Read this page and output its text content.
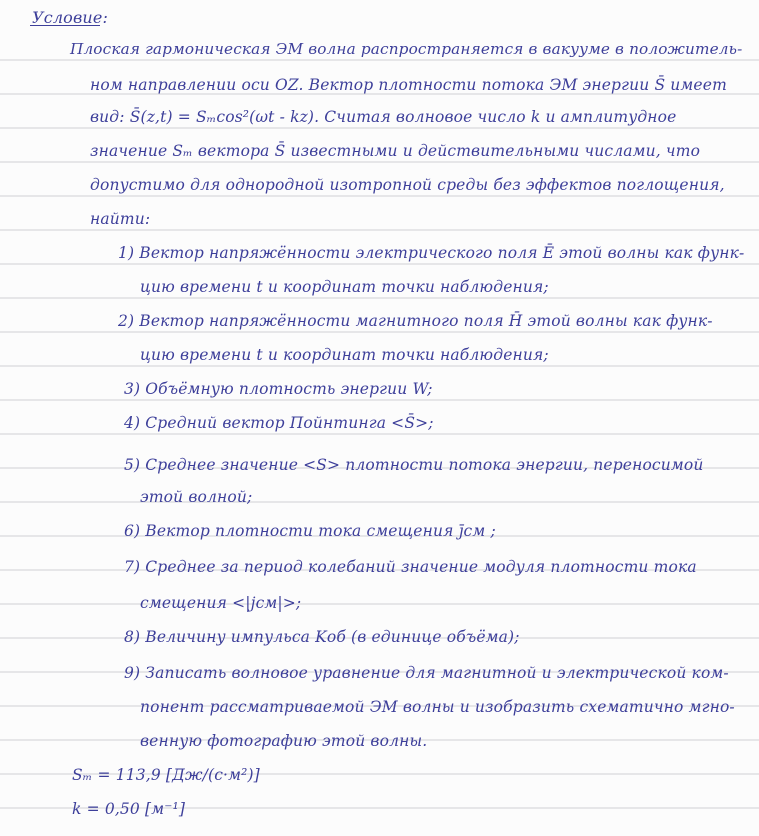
Условие:
Плоская гармоническая ЭМ волна распространяется в вакууме в положитель-
ном направлении оси OZ. Вектор плотности потока ЭМ энергии S̄ имеет
вид: S̄(z,t) = Sₘcos²(ωt - kz). Считая волновое число k и амплитудное
значение Sₘ вектора S̄ известными и действительными числами, что
допустимо для однородной изотропной среды без эффектов поглощения,
найти:
1) Вектор напряжённости электрического поля Ē этой волны как функ-
цию времени t и координат точки наблюдения;
2) Вектор напряжённости магнитного поля H̄ этой волны как функ-
цию времени t и координат точки наблюдения;
3) Объёмную плотность энергии W;
4) Средний вектор Пойнтинга <S̄>;
5) Среднее значение <S> плотности потока энергии, переносимой
этой волной;
6) Вектор плотности тока смещения j̄см ;
7) Среднее за период колебаний значение модуля плотности тока
смещения <|jсм|>;
8) Величину импульса Kоб (в единице объёма);
9) Записать волновое уравнение для магнитной и электрической ком-
понент рассматриваемой ЭМ волны и изобразить схематично мгно-
венную фотографию этой волны.
Sₘ = 113,9 [Дж/(с·м²)]
k = 0,50 [м⁻¹]
